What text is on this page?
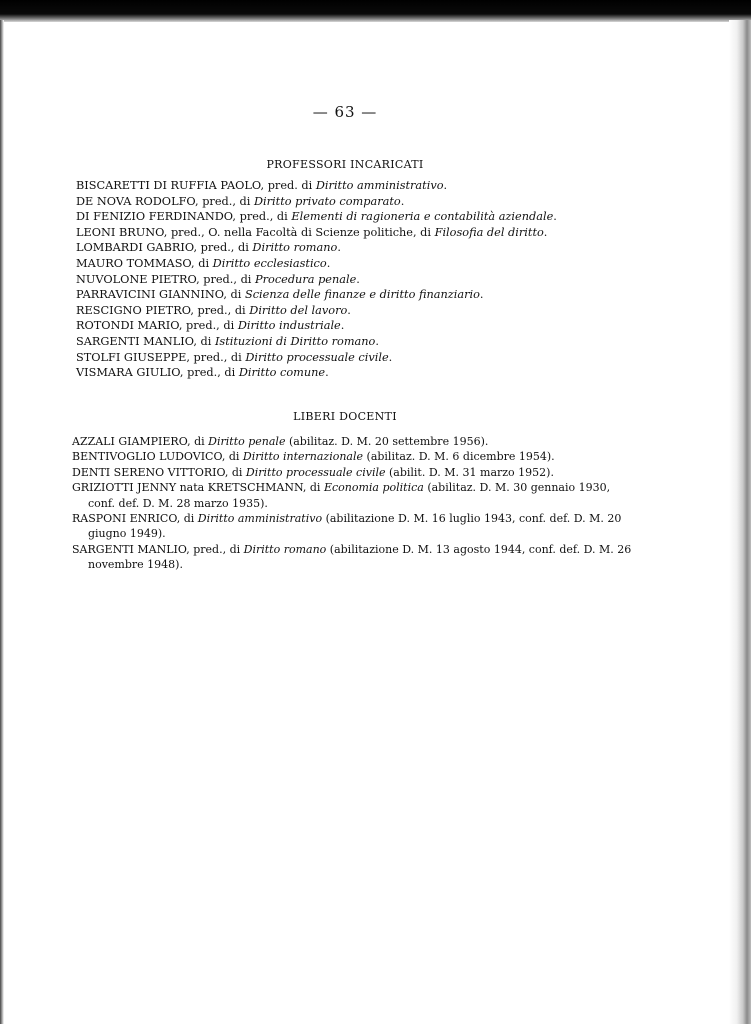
— 63 —
PROFESSORI INCARICATI
BISCARETTI DI RUFFIA PAOLO, pred. di Diritto amministrativo.
DE NOVA RODOLFO, pred., di Diritto privato comparato.
DI FENIZIO FERDINANDO, pred., di Elementi di ragioneria e contabilità aziendale.
LEONI BRUNO, pred., O. nella Facoltà di Scienze politiche, di Filosofia del diritto.
LOMBARDI GABRIO, pred., di Diritto romano.
MAURO TOMMASO, di Diritto ecclesiastico.
NUVOLONE PIETRO, pred., di Procedura penale.
PARRAVICINI GIANNINO, di Scienza delle finanze e diritto finanziario.
RESCIGNO PIETRO, pred., di Diritto del lavoro.
ROTONDI MARIO, pred., di Diritto industriale.
SARGENTI MANLIO, di Istituzioni di Diritto romano.
STOLFI GIUSEPPE, pred., di Diritto processuale civile.
VISMARA GIULIO, pred., di Diritto comune.
LIBERI DOCENTI
AZZALI GIAMPIERO, di Diritto penale (abilitaz. D. M. 20 settembre 1956).
BENTIVOGLIO LUDOVICO, di Diritto internazionale (abilitaz. D. M. 6 dicembre 1954).
DENTI SERENO VITTORIO, di Diritto processuale civile (abilit. D. M. 31 marzo 1952).
GRIZIOTTI JENNY nata KRETSCHMANN, di Economia politica (abilitaz. D. M. 30 gennaio 1930, conf. def. D. M. 28 marzo 1935).
RASPONI ENRICO, di Diritto amministrativo (abilitazione D. M. 16 luglio 1943, conf. def. D. M. 20 giugno 1949).
SARGENTI MANLIO, pred., di Diritto romano (abilitazione D. M. 13 agosto 1944, conf. def. D. M. 26 novembre 1948).
